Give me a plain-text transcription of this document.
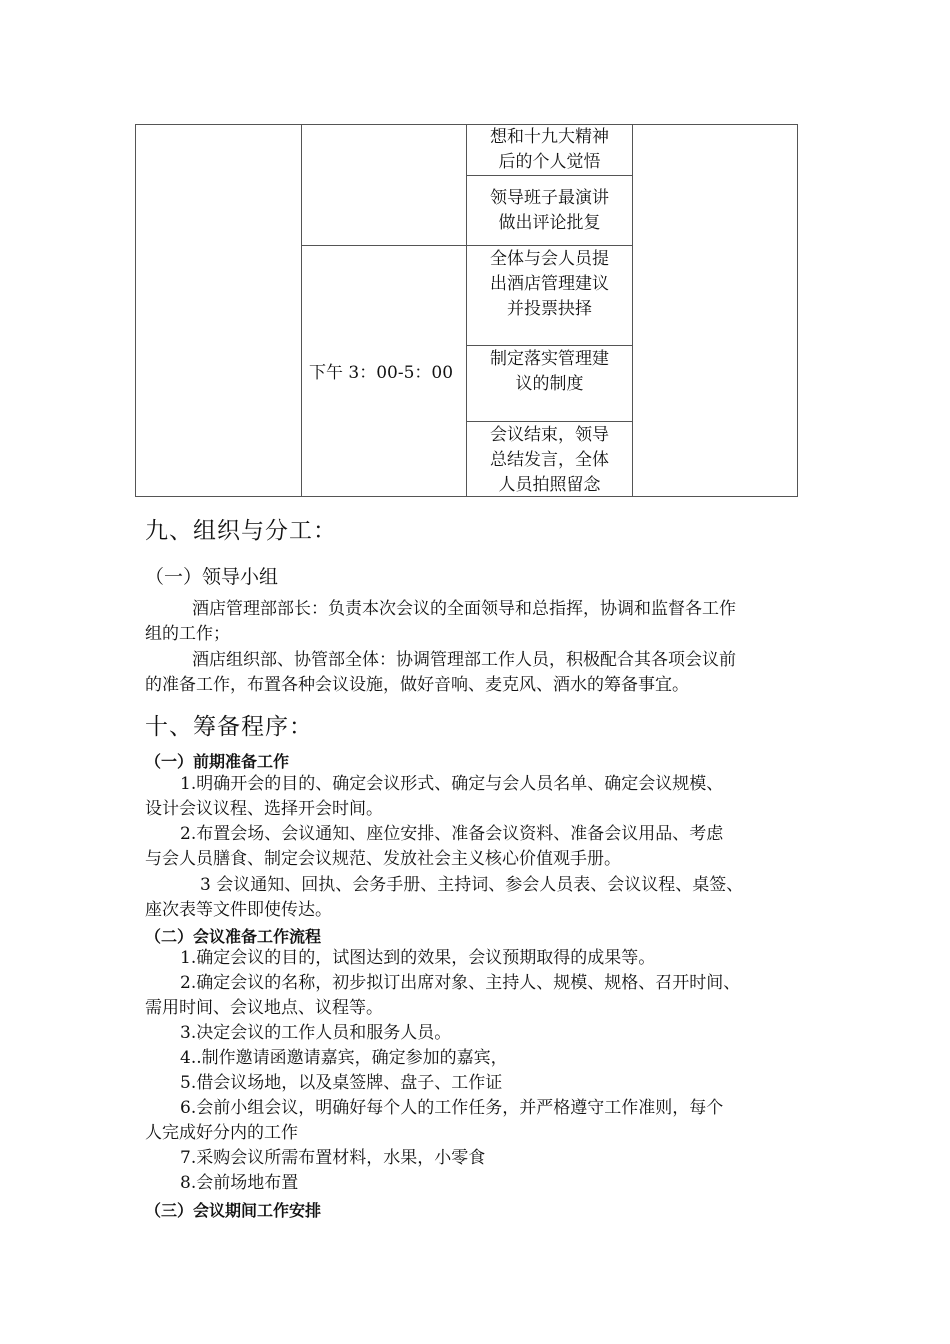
想和十九大精神
后的个人觉悟
领导班子最演讲
做出评论批复
全体与会人员提
出酒店管理建议
并投票抉择
制定落实管理建
议的制度
会议结束，领导
总结发言，全体
人员拍照留念
下午 3：00-5：00
九、组织与分工：
（一）领导小组
酒店管理部部长：负责本次会议的全面领导和总指挥，协调和监督各工作
组的工作；
酒店组织部、协管部全体：协调管理部工作人员，积极配合其各项会议前
的准备工作，布置各种会议设施，做好音响、麦克风、酒水的筹备事宜。
十、筹备程序：
（一）前期准备工作
1.明确开会的目的、确定会议形式、确定与会人员名单、确定会议规模、
设计会议议程、选择开会时间。
2.布置会场、会议通知、座位安排、准备会议资料、准备会议用品、考虑
与会人员膳食、制定会议规范、发放社会主义核心价值观手册。
3 会议通知、回执、会务手册、主持词、参会人员表、会议议程、桌签、
座次表等文件即使传达。
（二）会议准备工作流程
1.确定会议的目的，试图达到的效果，会议预期取得的成果等。
2.确定会议的名称，初步拟订出席对象、主持人、规模、规格、召开时间、
需用时间、会议地点、议程等。
3.决定会议的工作人员和服务人员。
4..制作邀请函邀请嘉宾，确定参加的嘉宾，
5.借会议场地，以及桌签牌、盘子、工作证
6.会前小组会议，明确好每个人的工作任务，并严格遵守工作准则，每个
人完成好分内的工作
7.采购会议所需布置材料，水果，小零食
8.会前场地布置
（三）会议期间工作安排
